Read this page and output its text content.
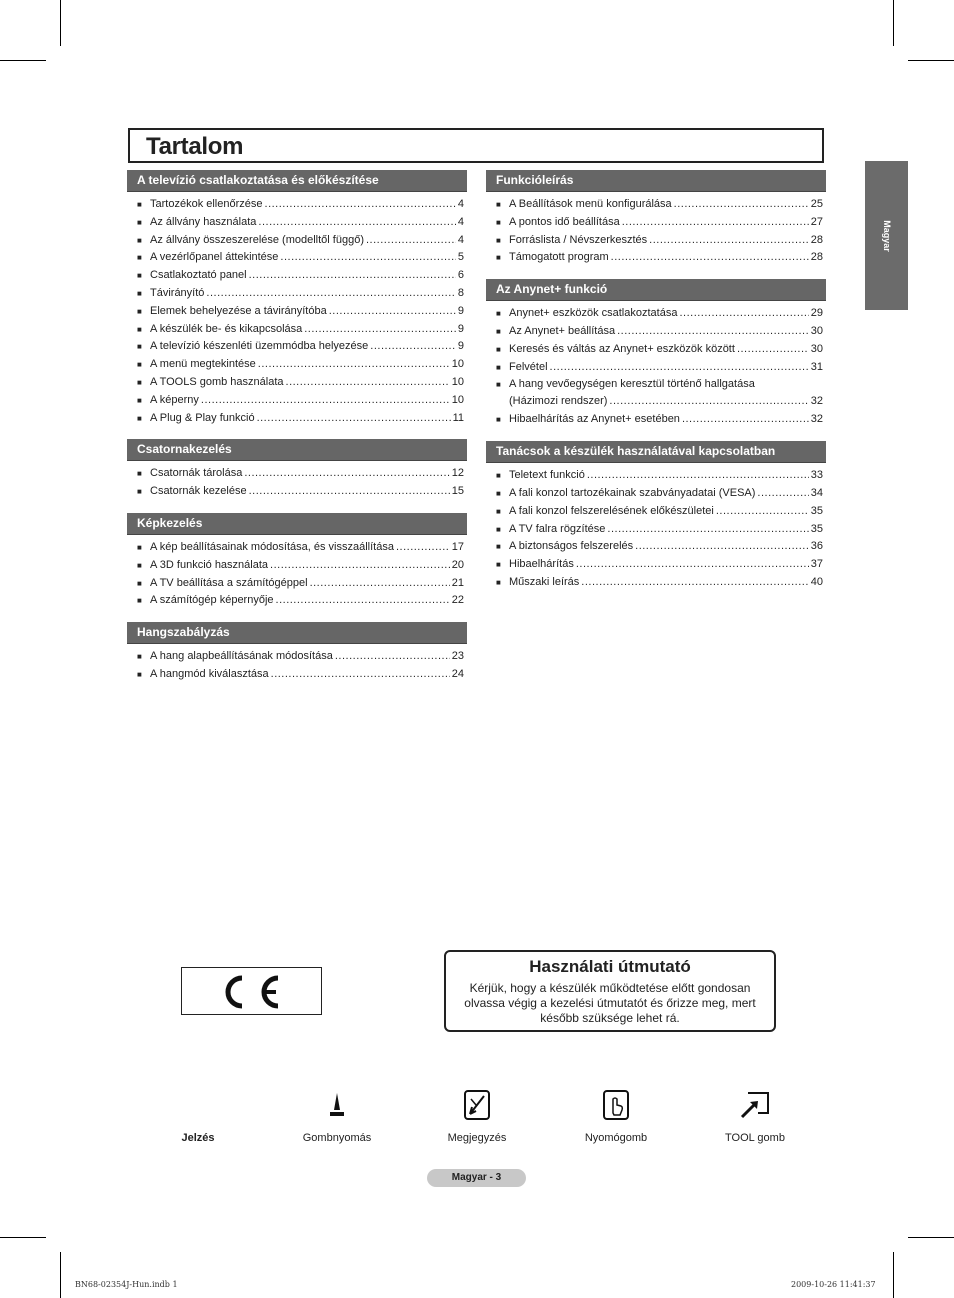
Tartalom
Magyar
A televízió csatlakoztatása és előkészítése
■ Tartozékok ellenőrzése .....	4
■ Az állvány használata .....	4
■ Az állvány összeszerelése (modelltől függő) .....	4
■ A vezérlőpanel áttekintése .....	5
■ Csatlakoztató panel .....	6
■ Távirányító .....	8
■ Elemek behelyezése a távirányítóba .....	9
■ A készülék be- és kikapcsolása .....	9
■ A televízió készenléti üzemmódba helyezése .....	9
■ A menü megtekintése .....	10
■ A TOOLS gomb használata .....	10
■ A képerny .....	10
■ A Plug & Play funkció .....	11
Csatornakezelés
■ Csatornák tárolása .....	12
■ Csatornák kezelése .....	15
Képkezelés
■ A kép beállításainak módosítása, és visszaállítása .....	17
■ A 3D funkció használata .....	20
■ A TV beállítása a számítógéppel .....	21
■ A számítógép képernyője .....	22
Hangszabályzás
■ A hang alapbeállításának módosítása .....	23
■ A hangmód kiválasztása .....	24
Funkcióleírás
■ A Beállítások menü konfigurálása .....	25
■ A pontos idő beállítása .....	27
■ Forráslista / Névszerkesztés .....	28
■ Támogatott program .....	28
Az Anynet+ funkció
■ Anynet+ eszközök csatlakoztatása .....	29
■ Az Anynet+ beállítása .....	30
■ Keresés és váltás az Anynet+ eszközök között .....	30
■ Felvétel .....	31
■ A hang vevőegységen keresztül történő hallgatása
(Házimozi rendszer) .....	32
■ Hibaelhárítás az Anynet+ esetében .....	32
Tanácsok a készülék használatával kapcsolatban
■ Teletext funkció .....	33
■ A fali konzol tartozékainak szabványadatai (VESA) .....	34
■ A fali konzol felszerelésének előkészületei .....	35
■ A TV falra rögzítése .....	35
■ A biztonságos felszerelés .....	36
■ Hibaelhárítás .....	37
■ Műszaki leírás .....	40
Használati útmutató
Kérjük, hogy a készülék működtetése előtt gondosan olvassa végig a kezelési útmutatót és őrizze meg, mert később szüksége lehet rá.
Jelzés	Gombnyomás	Megjegyzés	Nyomógomb	TOOL gomb
Magyar - 3
BN68-02354J-Hun.indb 1	2009-10-26 11:41:37
